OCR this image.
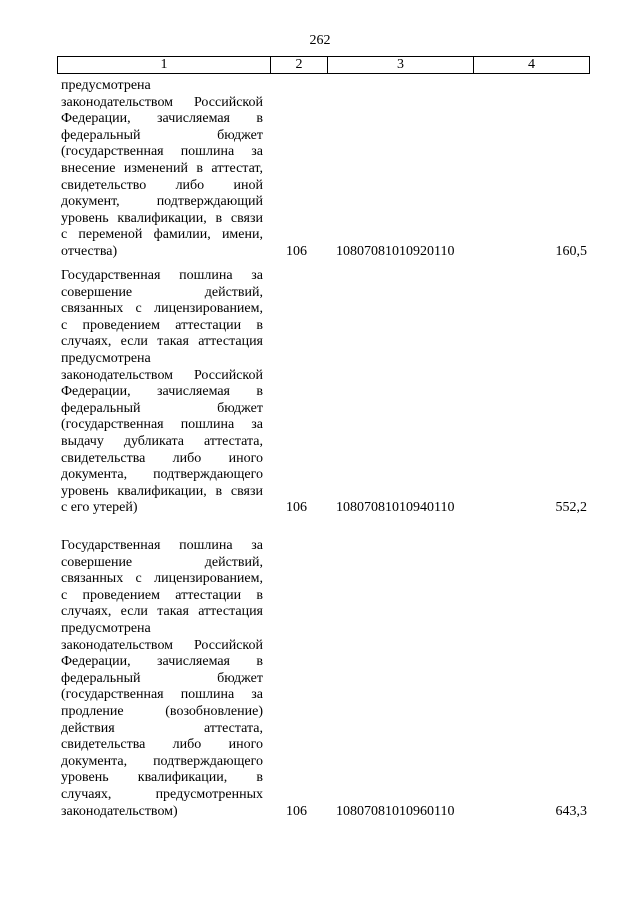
262
1	2	3	4
предусмотрена
законодательством Российской
Федерации, зачисляемая в
федеральный бюджет
(государственная пошлина за
внесение изменений в аттестат,
свидетельство либо иной
документ, подтверждающий
уровень квалификации, в связи
с переменой фамилии, имени,
отчества)	106 10807081010920110	160,5
Государственная пошлина за
совершение действий,
связанных с лицензированием,
с проведением аттестации в
случаях, если такая аттестация
предусмотрена
законодательством Российской
Федерации, зачисляемая в
федеральный бюджет
(государственная пошлина за
выдачу дубликата аттестата,
свидетельства либо иного
документа, подтверждающего
уровень квалификации, в связи
с его утерей)	106 10807081010940110	552,2
Государственная пошлина за
совершение действий,
связанных с лицензированием,
с проведением аттестации в
случаях, если такая аттестация
предусмотрена
законодательством Российской
Федерации, зачисляемая в
федеральный бюджет
(государственная пошлина за
продление (возобновление)
действия аттестата,
свидетельства либо иного
документа, подтверждающего
уровень квалификации, в
случаях, предусмотренных
законодательством)	106 10807081010960110	643,3
